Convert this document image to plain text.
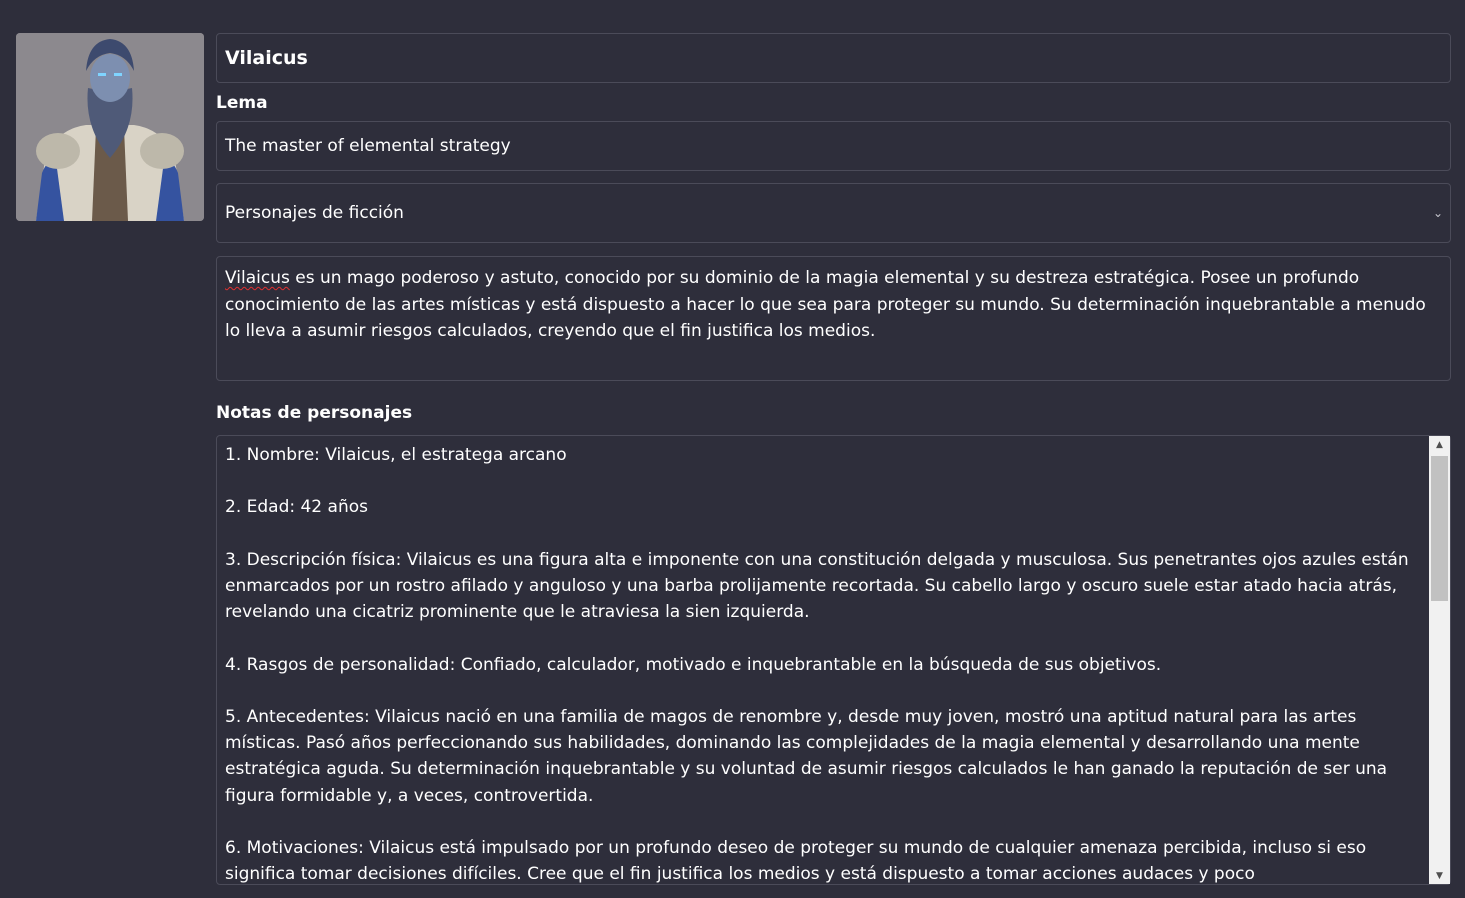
Vilaicus
Lema
The master of elemental strategy
Personajes de ficción	⌄
Vilaicus es un mago poderoso y astuto, conocido por su dominio de la magia elemental y su destreza estratégica. Posee un profundo conocimiento de las artes místicas y está dispuesto a hacer lo que sea para proteger su mundo. Su determinación inquebrantable a menudo lo lleva a asumir riesgos calculados, creyendo que el fin justifica los medios.
Notas de personajes

1. Nombre: Vilaicus, el estratega arcano

2. Edad: 42 años

3. Descripción física: Vilaicus es una figura alta e imponente con una constitución delgada y musculosa. Sus penetrantes ojos azules están enmarcados por un rostro afilado y anguloso y una barba prolijamente recortada. Su cabello largo y oscuro suele estar atado hacia atrás, revelando una cicatriz prominente que le atraviesa la sien izquierda.

4. Rasgos de personalidad: Confiado, calculador, motivado e inquebrantable en la búsqueda de sus objetivos.

5. Antecedentes: Vilaicus nació en una familia de magos de renombre y, desde muy joven, mostró una aptitud natural para las artes místicas. Pasó años perfeccionando sus habilidades, dominando las complejidades de la magia elemental y desarrollando una mente estratégica aguda. Su determinación inquebrantable y su voluntad de asumir riesgos calculados le han ganado la reputación de ser una figura formidable y, a veces, controvertida.

6. Motivaciones: Vilaicus está impulsado por un profundo deseo de proteger su mundo de cualquier amenaza percibida, incluso si eso significa tomar decisiones difíciles. Cree que el fin justifica los medios y está dispuesto a tomar acciones audaces y poco

▲
▼
